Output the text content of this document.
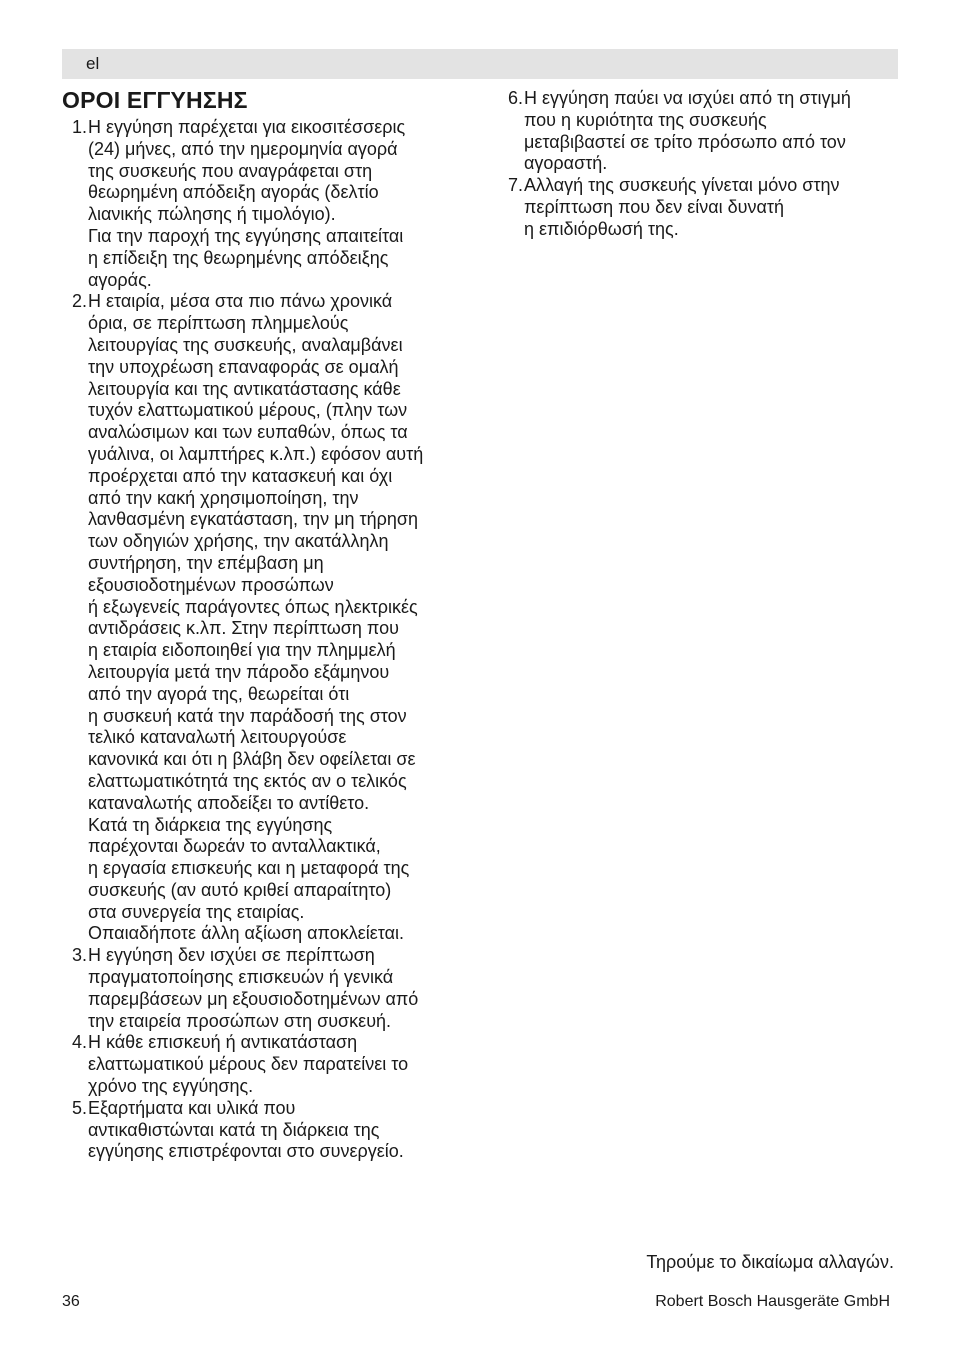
el
ΟΡΟΙ ΕΓΓΥΗΣΗΣ
1. Η εγγύηση παρέχεται για εικοσιτέσσερις
(24) μήνες, από την ημερομηνία αγορά
της συσκευής που αναγράφεται στη
θεωρημένη απόδειξη αγοράς (δελτίο
λιανικής πώλησης ή τιμολόγιο).
Για την παροχή της εγγύησης απαιτείται
η επίδειξη της θεωρημένης απόδειξης
αγοράς.
2. Η εταιρία, μέσα στα πιο πάνω χρονικά
όρια, σε περίπτωση πλημμελούς
λειτουργίας της συσκευής, αναλαμβάνει
την υποχρέωση επαναφοράς σε ομαλή
λειτουργία και της αντικατάστασης κάθε
τυχόν ελαττωματικού μέρους, (πλην των
αναλώσιμων και των ευπαθών, όπως τα
γυάλινα, οι λαμπτήρες κ.λπ.) εφόσον αυτή
προέρχεται από την κατασκευή και όχι
από την κακή χρησιμοποίηση, την
λανθασμένη εγκατάσταση, την μη τήρηση
των οδηγιών χρήσης, την ακατάλληλη
συντήρηση, την επέμβαση μη
εξουσιοδοτημένων προσώπων
ή εξωγενείς παράγοντες όπως ηλεκτρικές
αντιδράσεις κ.λπ. Στην περίπτωση που
η εταιρία ειδοποιηθεί για την πλημμελή
λειτουργία μετά την πάροδο εξάμηνου
από την αγορά της, θεωρείται ότι
η συσκευή κατά την παράδοσή της στον
τελικό καταναλωτή λειτουργούσε
κανονικά και ότι η βλάβη δεν οφείλεται σε
ελαττωματικότητά της εκτός αν ο τελικός
καταναλωτής αποδείξει το αντίθετο.
Κατά τη διάρκεια της εγγύησης
παρέχονται δωρεάν το ανταλλακτικά,
η εργασία επισκευής και η μεταφορά της
συσκευής (αν αυτό κριθεί απαραίτητο)
στα συνεργεία της εταιρίας.
Οπαιαδήποτε άλλη αξίωση αποκλείεται.
3. Η εγγύηση δεν ισχύει σε περίπτωση
πραγματοποίησης επισκευών ή γενικά
παρεμβάσεων μη εξουσιοδοτημένων από
την εταιρεία προσώπων στη συσκευή.
4. Η κάθε επισκευή ή αντικατάσταση
ελαττωματικού μέρους δεν παρατείνει το
χρόνο της εγγύησης.
5. Εξαρτήματα και υλικά που
αντικαθιστώνται κατά τη διάρκεια της
εγγύησης επιστρέφονται στο συνεργείο.
6. Η εγγύηση παύει να ισχύει από τη στιγμή
που η κυριότητα της συσκευής
μεταβιβαστεί σε τρίτο πρόσωπο από τον
αγοραστή.
7. Αλλαγή της συσκευής γίνεται μόνο στην
περίπτωση που δεν είναι δυνατή
η επιδιόρθωσή της.
Τηρούμε το δικαίωμα αλλαγών.
36	Robert Bosch Hausgeräte GmbH
